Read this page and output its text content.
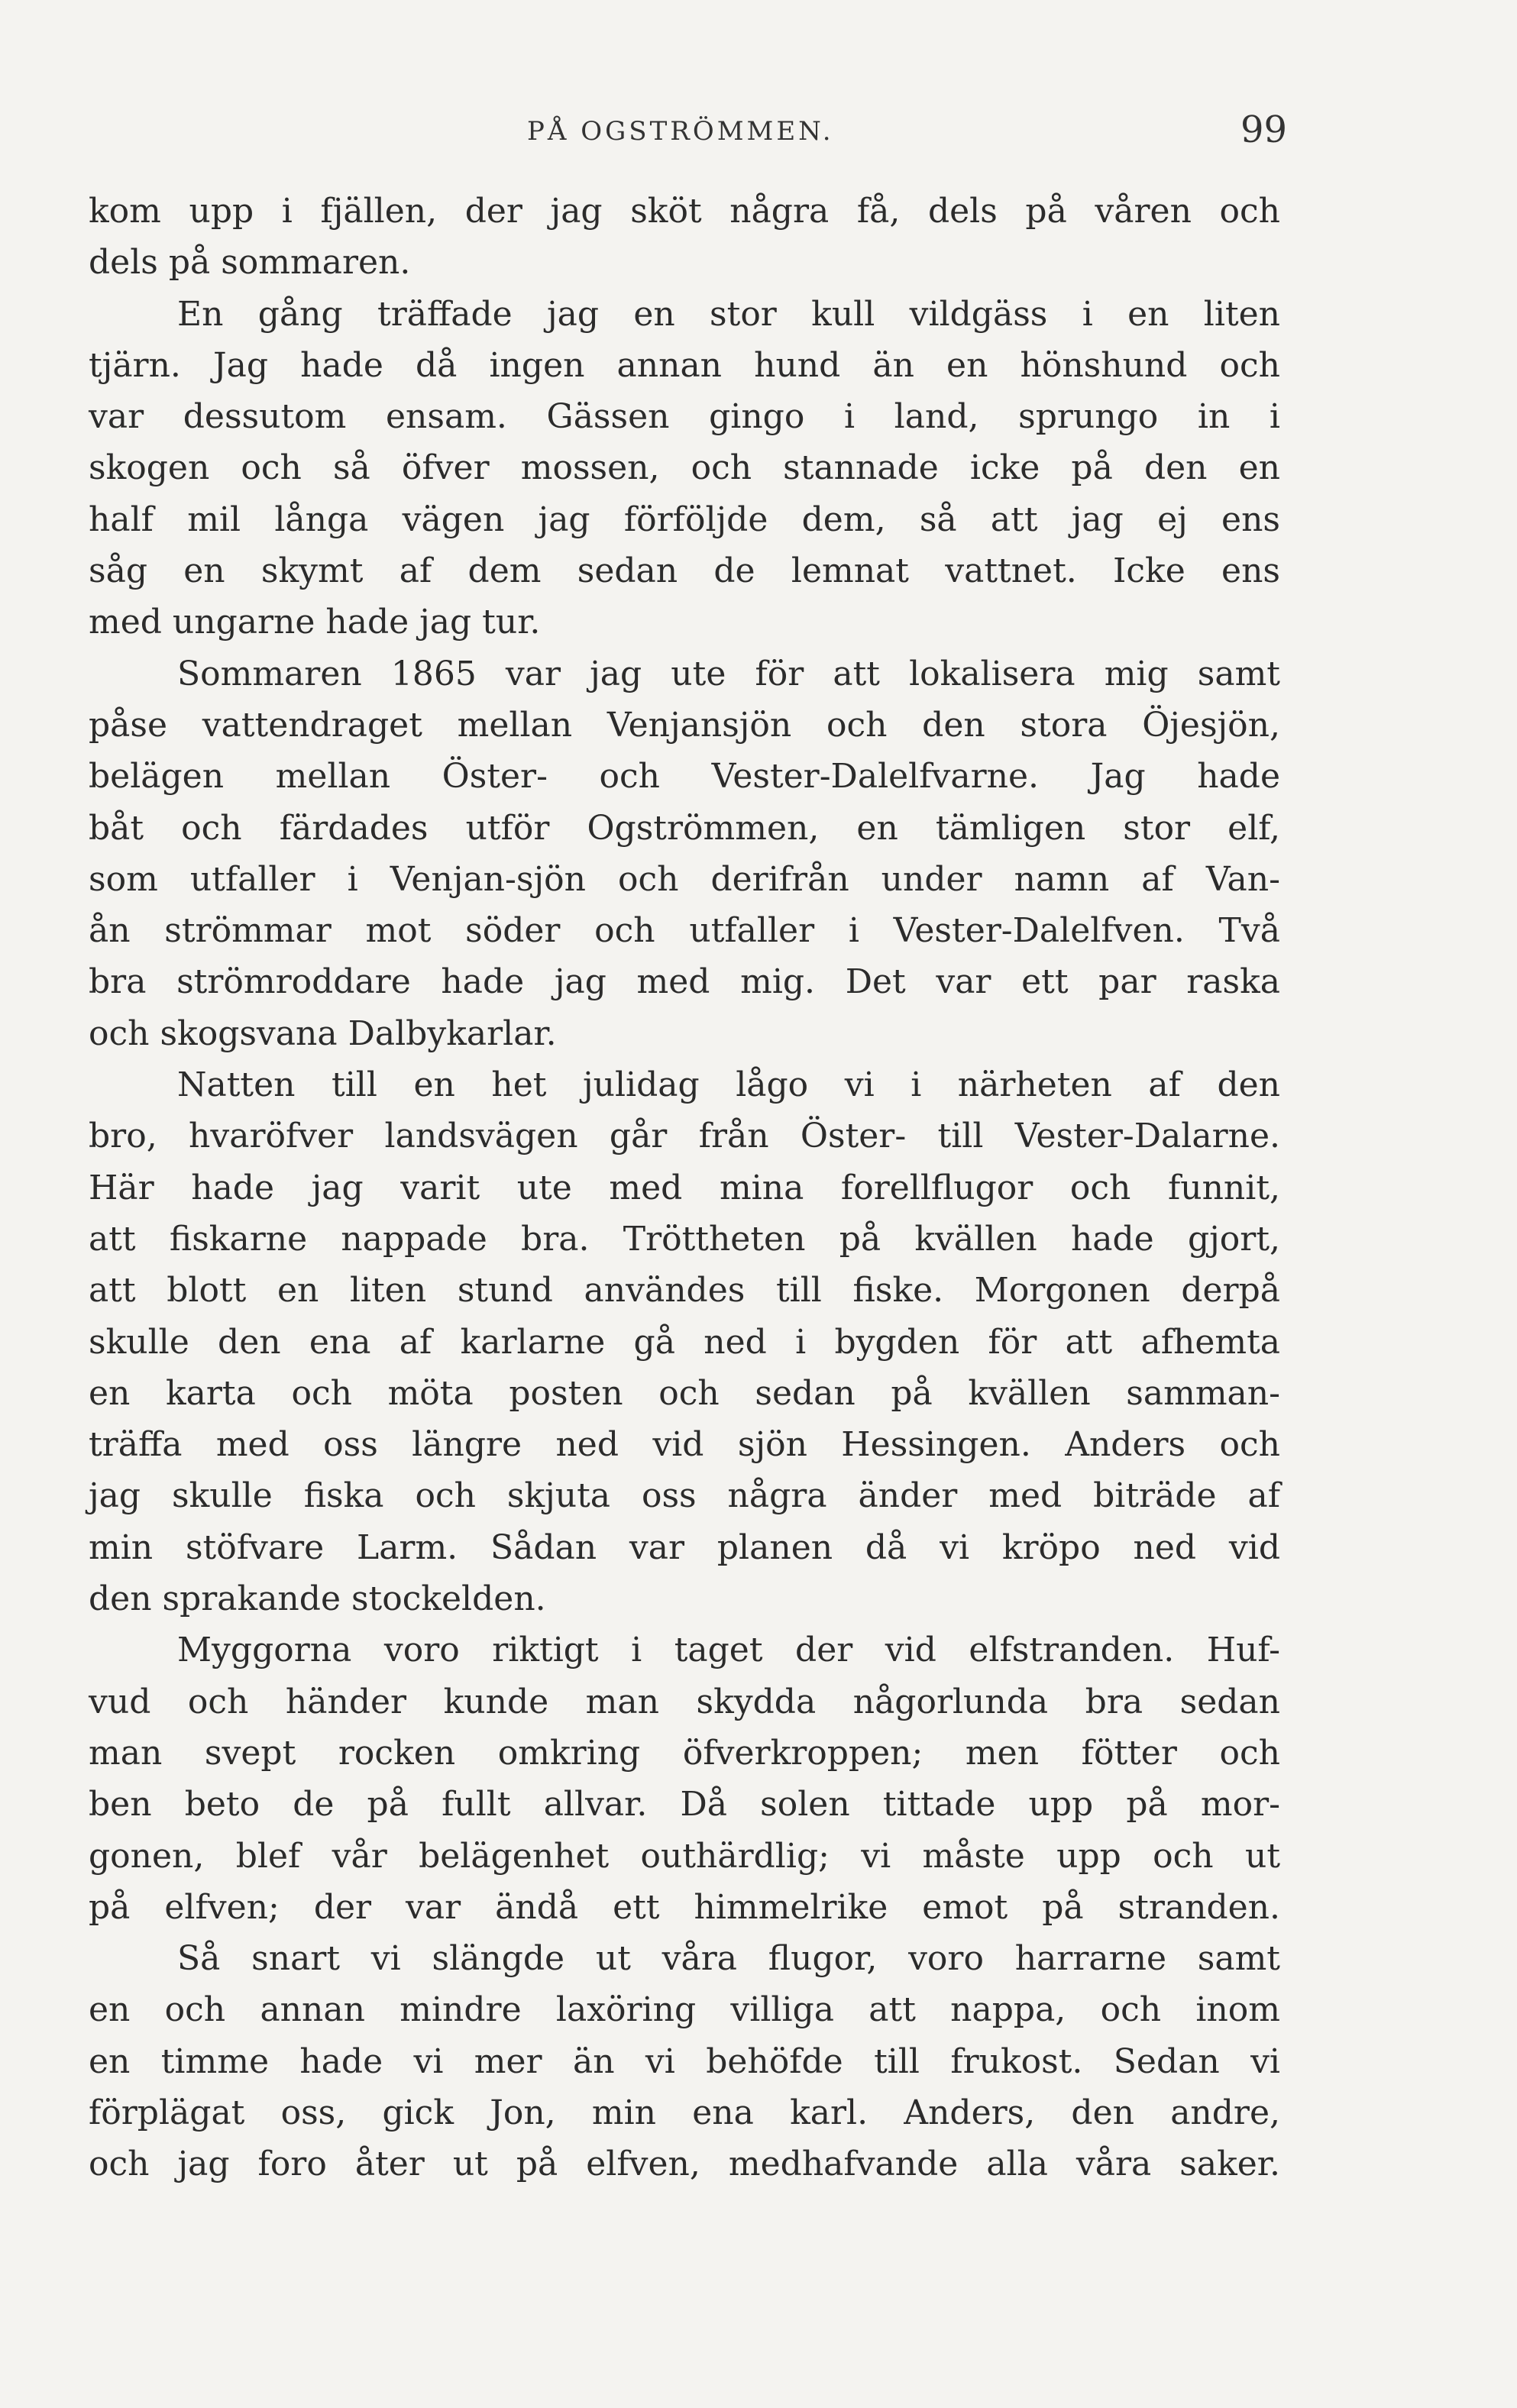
PÅ OGSTRÖMMEN.	99
kom upp i fjällen, der jag sköt några få, dels på våren och
dels på sommaren.
En gång träffade jag en stor kull vildgäss i en liten
tjärn. Jag hade då ingen annan hund än en hönshund och
var dessutom ensam. Gässen gingo i land, sprungo in i
skogen och så öfver mossen, och stannade icke på den en
half mil långa vägen jag förföljde dem, så att jag ej ens
såg en skymt af dem sedan de lemnat vattnet. Icke ens
med ungarne hade jag tur.
Sommaren 1865 var jag ute för att lokalisera mig samt
påse vattendraget mellan Venjansjön och den stora Öjesjön,
belägen mellan Öster- och Vester-Dalelfvarne. Jag hade
båt och färdades utför Ogströmmen, en tämligen stor elf,
som utfaller i Venjan-sjön och derifrån under namn af Van-
ån strömmar mot söder och utfaller i Vester-Dalelfven. Två
bra strömroddare hade jag med mig. Det var ett par raska
och skogsvana Dalbykarlar.
Natten till en het julidag lågo vi i närheten af den
bro, hvaröfver landsvägen går från Öster- till Vester-Dalarne.
Här hade jag varit ute med mina forellflugor och funnit,
att fiskarne nappade bra. Tröttheten på kvällen hade gjort,
att blott en liten stund användes till fiske. Morgonen derpå
skulle den ena af karlarne gå ned i bygden för att afhemta
en karta och möta posten och sedan på kvällen samman-
träffa med oss längre ned vid sjön Hessingen. Anders och
jag skulle fiska och skjuta oss några änder med biträde af
min stöfvare Larm. Sådan var planen då vi kröpo ned vid
den sprakande stockelden.
Myggorna voro riktigt i taget der vid elfstranden. Huf-
vud och händer kunde man skydda någorlunda bra sedan
man svept rocken omkring öfverkroppen; men fötter och
ben beto de på fullt allvar. Då solen tittade upp på mor-
gonen, blef vår belägenhet outhärdlig; vi måste upp och ut
på elfven; der var ändå ett himmelrike emot på stranden.
Så snart vi slängde ut våra flugor, voro harrarne samt
en och annan mindre laxöring villiga att nappa, och inom
en timme hade vi mer än vi behöfde till frukost. Sedan vi
förplägat oss, gick Jon, min ena karl. Anders, den andre,
och jag foro åter ut på elfven, medhafvande alla våra saker.
